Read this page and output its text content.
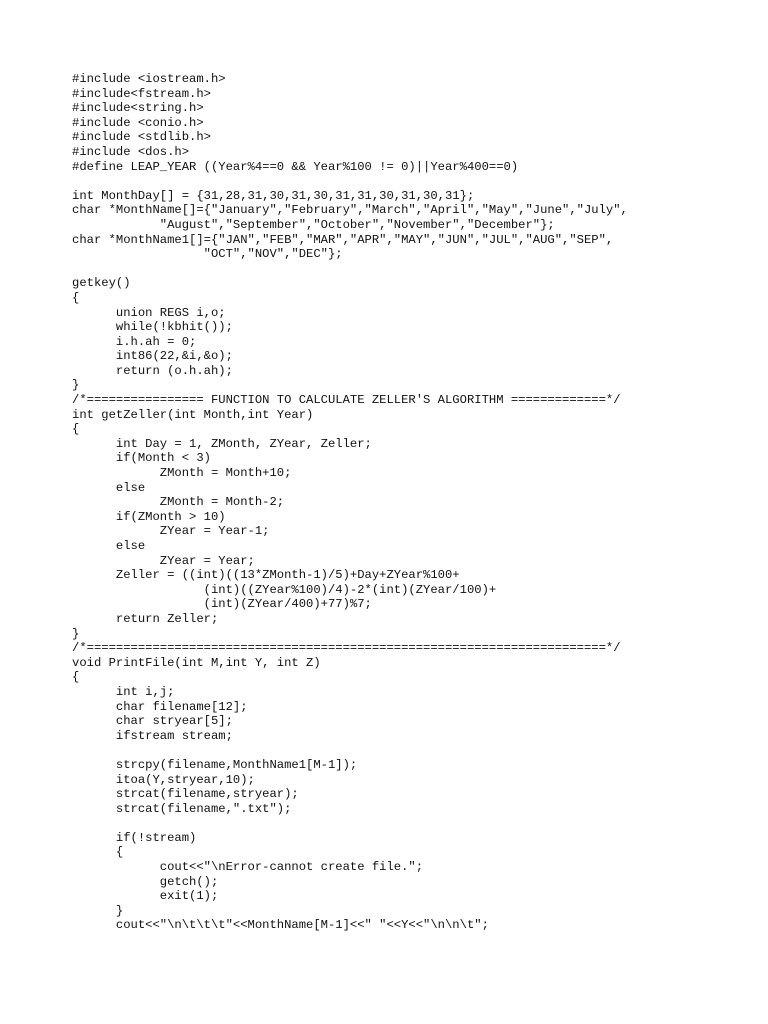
#include <iostream.h>
#include<fstream.h>
#include<string.h>
#include <conio.h>
#include <stdlib.h>
#include <dos.h>
#define LEAP_YEAR ((Year%4==0 && Year%100 != 0)||Year%400==0)
int MonthDay[] = {31,28,31,30,31,30,31,31,30,31,30,31};
char *MonthName[]={"January","February","March","April","May","June","July",
"August","September","October","November","December"};
char *MonthName1[]={"JAN","FEB","MAR","APR","MAY","JUN","JUL","AUG","SEP",
"OCT","NOV","DEC"};
getkey()
{
union REGS i,o;
while(!kbhit());
i.h.ah = 0;
int86(22,&i,&o);
return (o.h.ah);
}
/*================ FUNCTION TO CALCULATE ZELLER'S ALGORITHM =============*/
int getZeller(int Month,int Year)
{
int Day = 1, ZMonth, ZYear, Zeller;
if(Month < 3)
ZMonth = Month+10;
else
ZMonth = Month-2;
if(ZMonth > 10)
ZYear = Year-1;
else
ZYear = Year;
Zeller = ((int)((13*ZMonth-1)/5)+Day+ZYear%100+
(int)((ZYear%100)/4)-2*(int)(ZYear/100)+
(int)(ZYear/400)+77)%7;
return Zeller;
}
/*=======================================================================*/
void PrintFile(int M,int Y, int Z)
{
int i,j;
char filename[12];
char stryear[5];
ifstream stream;
strcpy(filename,MonthName1[M-1]);
itoa(Y,stryear,10);
strcat(filename,stryear);
strcat(filename,".txt");
if(!stream)
{
cout<<"\nError-cannot create file.";
getch();
exit(1);
}
cout<<"\n\t\t\t"<<MonthName[M-1]<<" "<<Y<<"\n\n\t";
